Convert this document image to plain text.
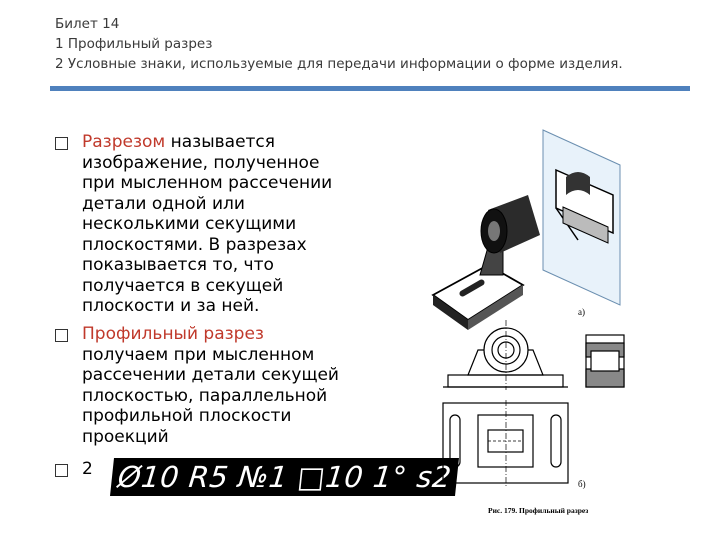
Билет 14
1 Профильный разрез
2 Условные знаки, используемые для передачи информации о форме изделия.
Разрезом называется
изображение, полученное
при мысленном рассечении
детали одной или
несколькими секущими
плоскостями. В разрезах
показывается то, что
получается в секущей
плоскости и за ней.
Профильный разрез
получаем при мысленном
рассечении детали секущей
плоскостью, параллельной
профильной плоскости
проекций
2 Ø10 R5 №1 □10 1° s2
а)
б)
Рис. 179. Профильный разрез
